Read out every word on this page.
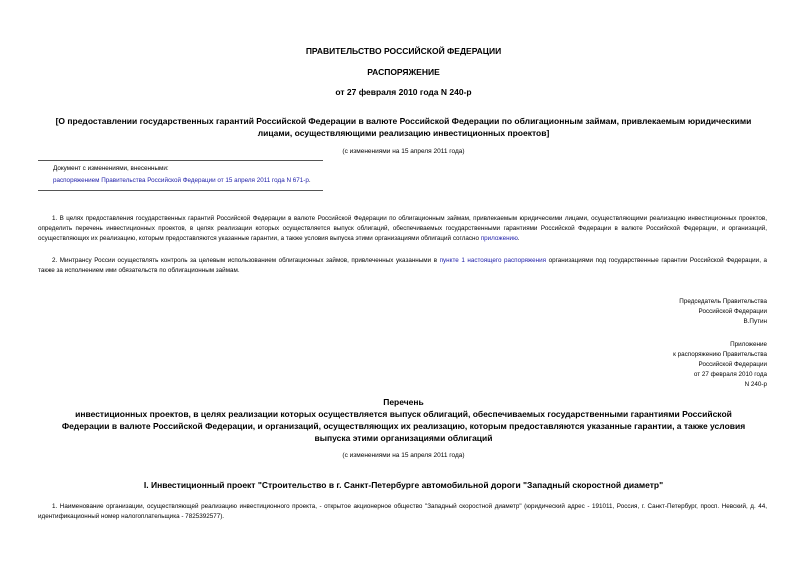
ПРАВИТЕЛЬСТВО РОССИЙСКОЙ ФЕДЕРАЦИИ
РАСПОРЯЖЕНИЕ
от 27 февраля 2010 года N 240-р
[О предоставлении государственных гарантий Российской Федерации в валюте Российской Федерации по облигационным займам, привлекаемым юридическими
лицами, осуществляющими реализацию инвестиционных проектов]
(с изменениями на 15 апреля 2011 года)
Документ с изменениями, внесенными:
распоряжением Правительства Российской Федерации от 15 апреля 2011 года N 671-р.
1. В целях предоставления государственных гарантий Российской Федерации в валюте Российской Федерации по облигационным займам, привлекаемым юридическими лицами, осуществляющими реализацию инвестиционных проектов, определить перечень инвестиционных проектов, в целях реализации которых осуществляется выпуск облигаций, обеспечиваемых государственными гарантиями Российской Федерации в валюте Российской Федерации, и организаций, осуществляющих их реализацию, которым предоставляются указанные гарантии, а также условия выпуска этими организациями облигаций согласно приложению.
2. Минтрансу России осуществлять контроль за целевым использованием облигационных займов, привлеченных указанными в пункте 1 настоящего распоряжения организациями под государственные гарантии Российской Федерации, а также за исполнением ими обязательств по облигационным займам.
Председатель Правительства
Российской Федерации
В.Путин
Приложение
к распоряжению Правительства
Российской Федерации
от 27 февраля 2010 года
N 240-р
Перечень
инвестиционных проектов, в целях реализации которых осуществляется выпуск облигаций, обеспечиваемых государственными гарантиями Российской
Федерации в валюте Российской Федерации, и организаций, осуществляющих их реализацию, которым предоставляются указанные гарантии, а также условия
выпуска этими организациями облигаций
(с изменениями на 15 апреля 2011 года)
I. Инвестиционный проект "Строительство в г. Санкт-Петербурге автомобильной дороги "Западный скоростной диаметр"
1. Наименование организации, осуществляющей реализацию инвестиционного проекта, - открытое акционерное общество "Западный скоростной диаметр" (юридический адрес - 191011, Россия, г. Санкт-Петербург, просп. Невский, д. 44, идентификационный номер налогоплательщика - 7825392577).
